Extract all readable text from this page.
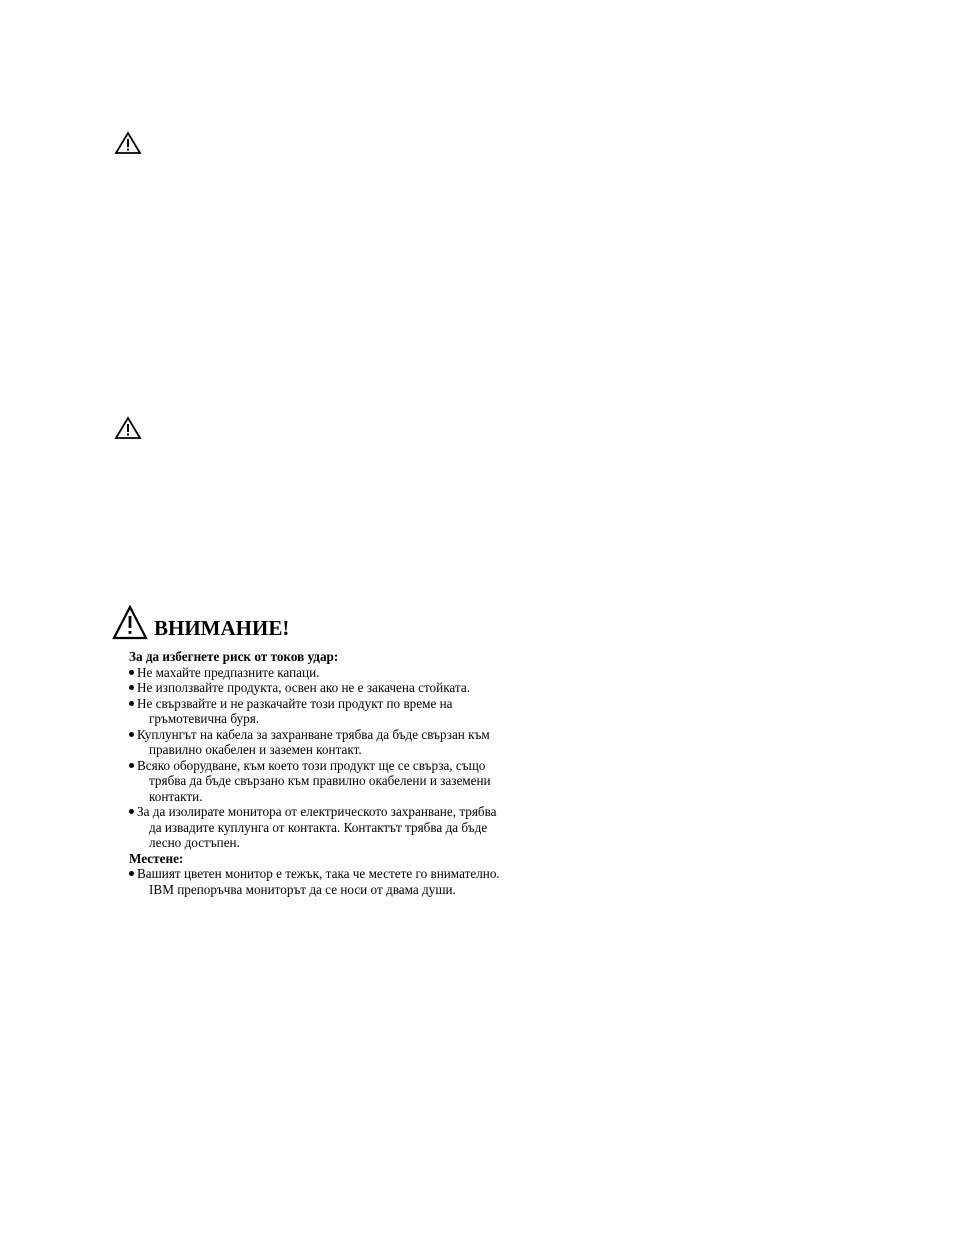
ВНИМАНИЕ!
За да избегнете риск от токов удар:
Не махайте предпазните капаци.
Не използвайте продукта, освен ако не е закачена стойката.
Не свързвайте и не разкачайте този продукт по време на
гръмотевична буря.
Куплунгът на кабела за захранване трябва да бъде свързан към
правилно окабелен и заземен контакт.
Всяко оборудване, към което този продукт ще се свърза, също
трябва да бъде свързано към правилно окабелени и заземени
контакти.
За да изолирате монитора от електрическото захранване, трябва
да извадите куплунга от контакта. Контактът трябва да бъде
лесно достъпен.
Местене:
Вашият цветен монитор е тежък, така че местете го внимателно.
IBM препоръчва мониторът да се носи от двама души.
